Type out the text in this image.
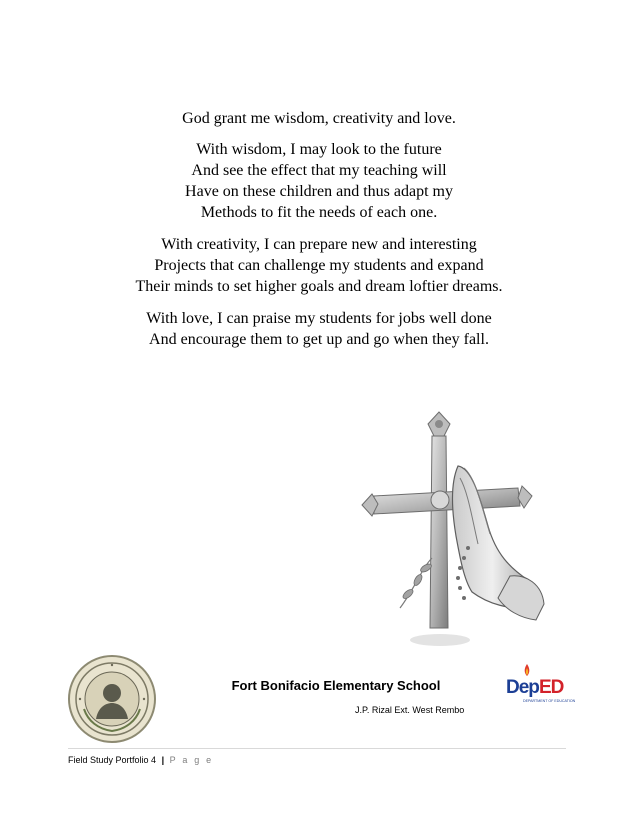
God grant me wisdom, creativity and love.
With wisdom, I may look to the future
And see the effect that my teaching will
Have on these children and thus adapt my
Methods to fit the needs of each one.
With creativity, I can prepare new and interesting
Projects that can challenge my students and expand
Their minds to set higher goals and dream loftier dreams.
With love, I can praise my students for jobs well done
And encourage them to get up and go when they fall.
Dep ED
DEPARTMENT OF EDUCATION
Fort Bonifacio Elementary School
J.P. Rizal Ext. West Rembo
Field Study Portfolio 4 | P a g e
